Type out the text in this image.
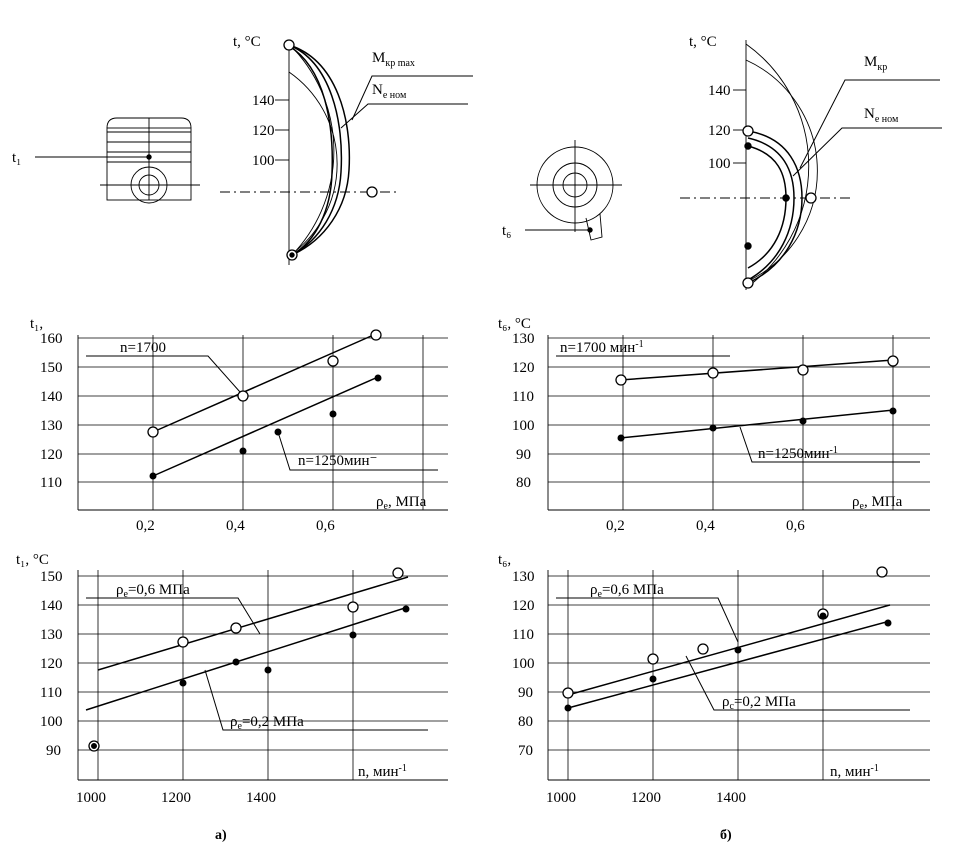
t₁
t, °C
140
120
100
$M_{кр max}$
$N_{e ном}$
t₆
t, °C
140
120
100
$M_{кр}$
$N_{e ном}$
t₁,
160
150
140
130
120
110
0,2	0,4	0,6
$\rho_e$, МПа
n=1700
n=1250мин⁻
t₆, °C
130
120
110
100
90
80
0,2	0,4	0,6
$\rho_e$, МПа
n=1700 мин$^{-1}$
n=1250мин$^{-1}$
t₁, °C
150
140
130
120
110
100
90
1000	1200	1400
n, мин$^{-1}$
$\rho_e=0,6$ МПа
$\rho_e=0,2$ МПа
t₆,
130
120
110
100
90
80
70
1000	1200	1400
n, мин$^{-1}$
$\rho_e=0,6$ МПа
$\rho_c=0,2$ МПа
а)	б)
